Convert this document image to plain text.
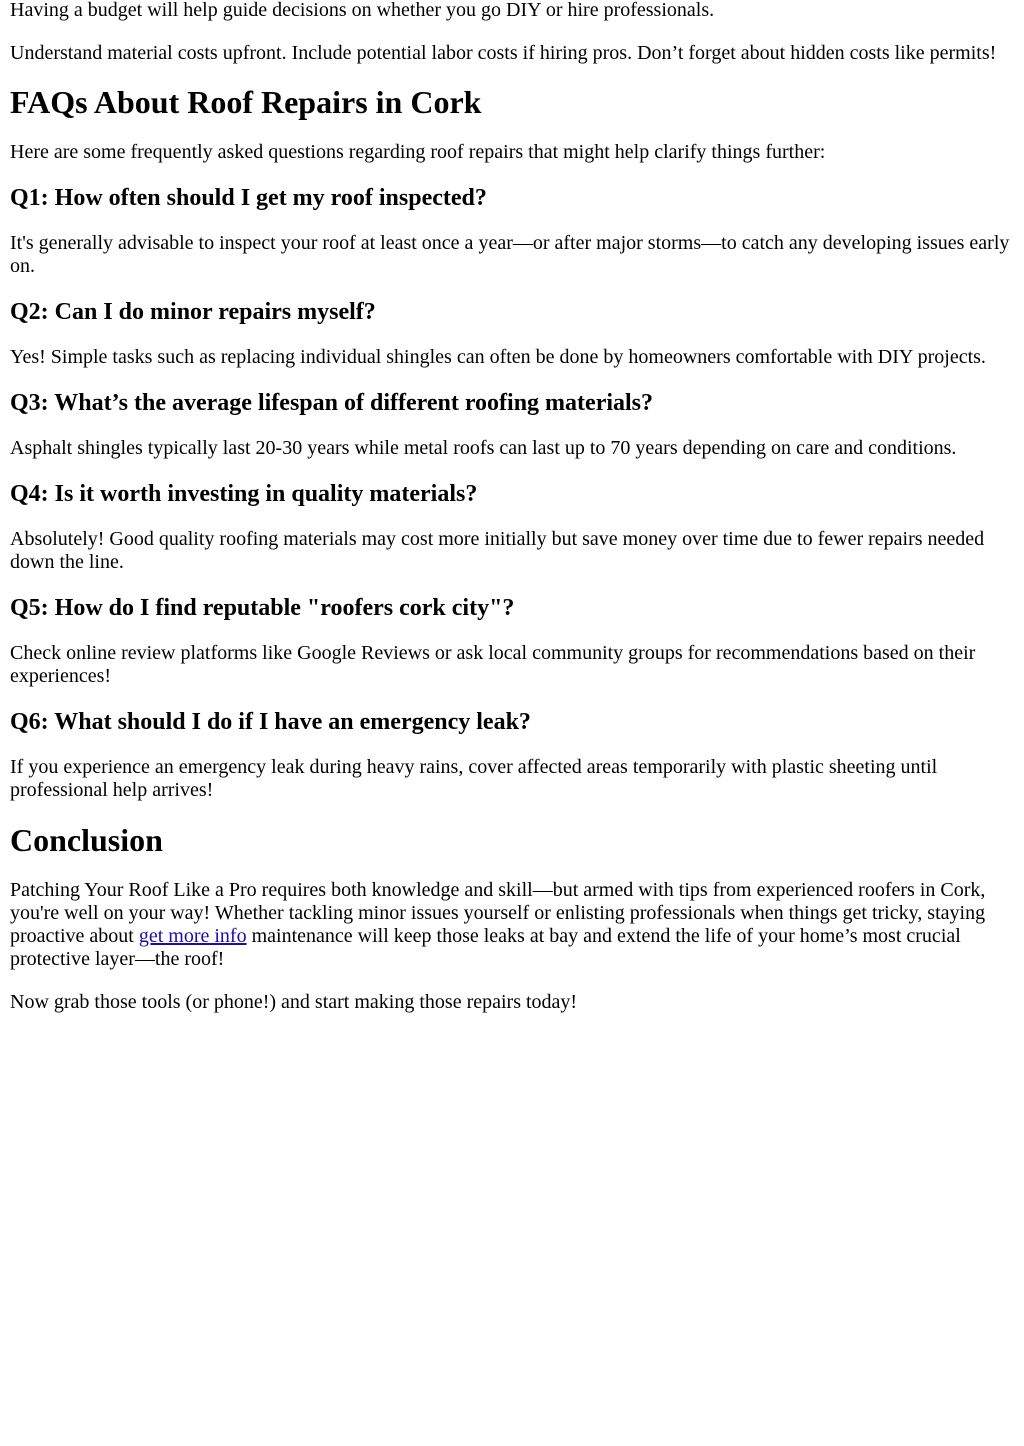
Having a budget will help guide decisions on whether you go DIY or hire professionals.

Understand material costs upfront. Include potential labor costs if hiring pros. Don’t forget about hidden costs like permits!

FAQs About Roof Repairs in Cork

Here are some frequently asked questions regarding roof repairs that might help clarify things further:

Q1: How often should I get my roof inspected?

It's generally advisable to inspect your roof at least once a year—or after major storms—to catch any developing issues early on.

Q2: Can I do minor repairs myself?

Yes! Simple tasks such as replacing individual shingles can often be done by homeowners comfortable with DIY projects.

Q3: What’s the average lifespan of different roofing materials?

Asphalt shingles typically last 20-30 years while metal roofs can last up to 70 years depending on care and conditions.

Q4: Is it worth investing in quality materials?

Absolutely! Good quality roofing materials may cost more initially but save money over time due to fewer repairs needed down the line.

Q5: How do I find reputable "roofers cork city"?

Check online review platforms like Google Reviews or ask local community groups for recommendations based on their experiences!

Q6: What should I do if I have an emergency leak?

If you experience an emergency leak during heavy rains, cover affected areas temporarily with plastic sheeting until professional help arrives!

Conclusion

Patching Your Roof Like a Pro requires both knowledge and skill—but armed with tips from experienced roofers in Cork, you're well on your way! Whether tackling minor issues yourself or enlisting professionals when things get tricky, staying proactive about get more info maintenance will keep those leaks at bay and extend the life of your home’s most crucial protective layer—the roof!

Now grab those tools (or phone!) and start making those repairs today!
